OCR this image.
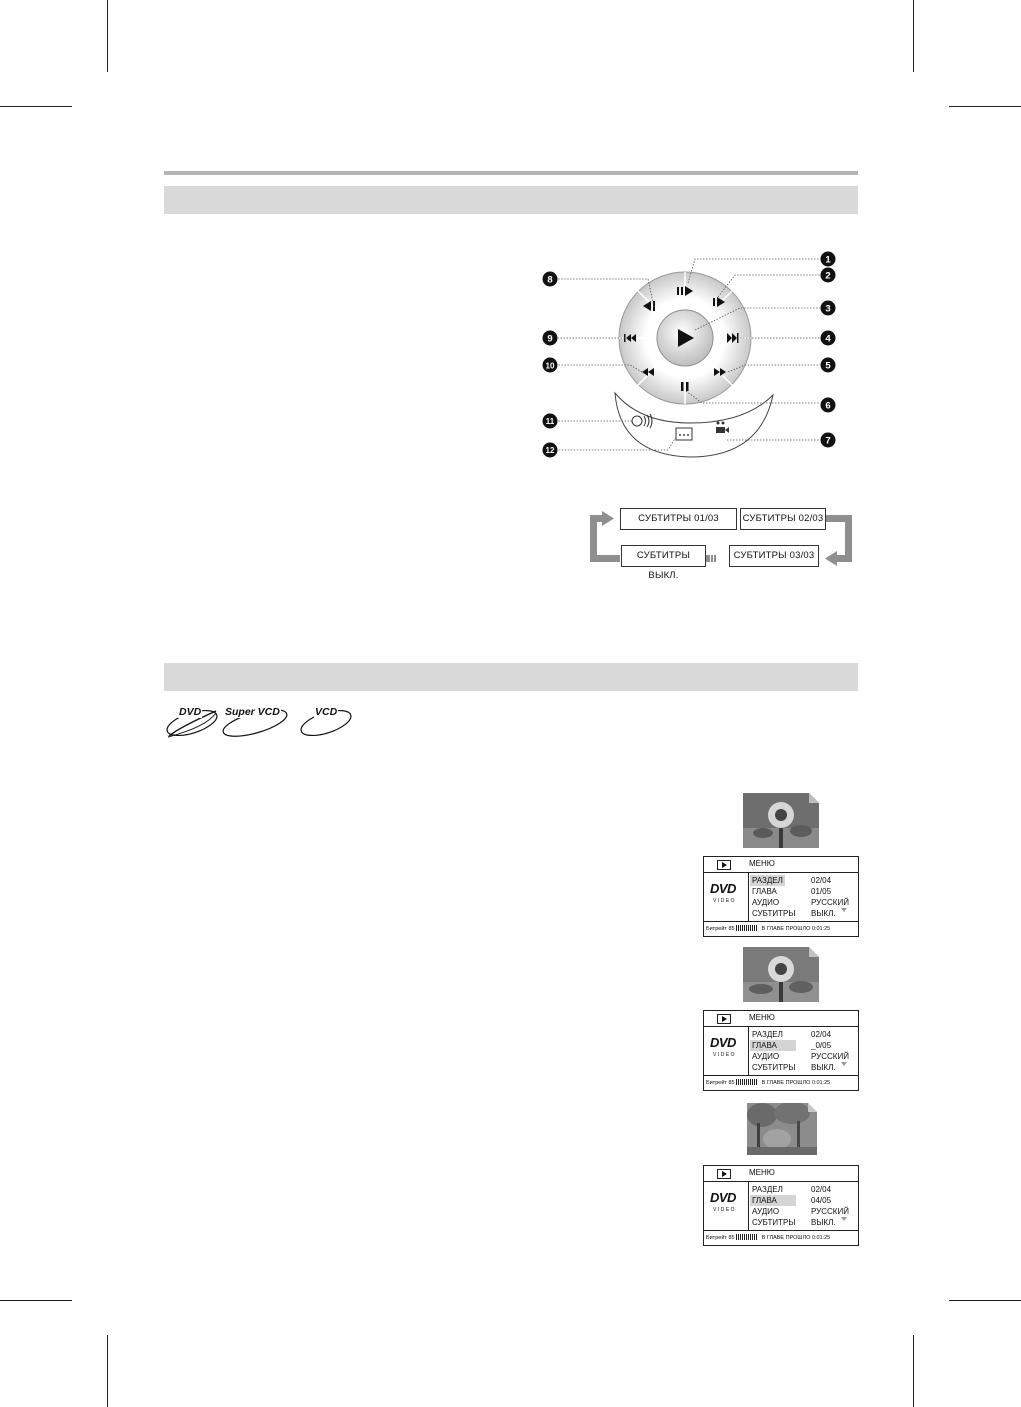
1
2
3
4
5
6
7
8
9
10
11
12
СУБТИТРЫ 01/03	СУБТИТРЫ 02/03
СУБТИТРЫ 03/03
СУБТИТРЫ ВЫКЛ.
DVD Super VCD	VCD
МЕНЮ
DVD
VIDEO
РАЗДЕЛ	02/04
ГЛАВА	01/05
АУДИО	РУССКИЙ
СУБТИТРЫ ВЫКЛ.
Битрейт 85	В ГЛАВЕ ПРОШЛО 0:01:25
МЕНЮ
DVD
VIDEO
РАЗДЕЛ	02/04
ГЛАВА	_0/05
АУДИО	РУССКИЙ
СУБТИТРЫ ВЫКЛ.
Битрейт 85	В ГЛАВЕ ПРОШЛО 0:01:25
МЕНЮ
DVD
VIDEO
РАЗДЕЛ	02/04
ГЛАВА	04/05
АУДИО	РУССКИЙ
СУБТИТРЫ ВЫКЛ.
Битрейт 85	В ГЛАВЕ ПРОШЛО 0:01:25
